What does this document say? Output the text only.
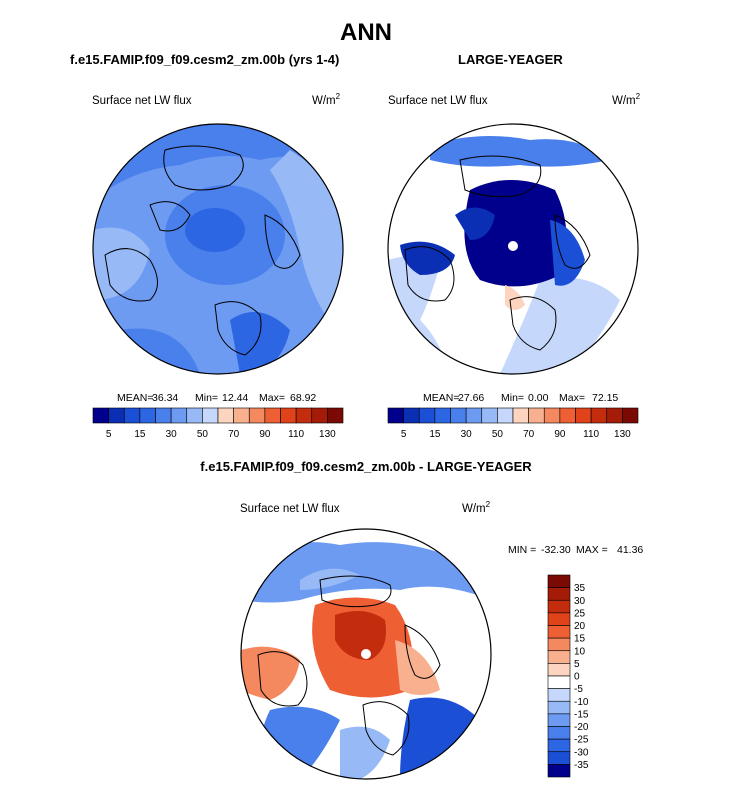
ANN
f.e15.FAMIP.f09_f09.cesm2_zm.00b (yrs 1-4)	LARGE-YEAGER
f.e15.FAMIP.f09_f09.cesm2_zm.00b - LARGE-YEAGER
Surface net LW flux	$W/m^2$
MEAN=
36.34 Min= 12.44 Max= 68.92
5 15 30 50 70 90 110 130
Surface net LW flux	$W/m^2$
MEAN=
27.66 Min= 0.00 Max= 72.15
5 15 30 50 70 90 110 130
Surface net LW flux	$W/m^2$
MIN = -32.30 MAX = 41.36
35
30
25
20
15
10
5
0
-5
-10
-15
-20
-25
-30
-35
